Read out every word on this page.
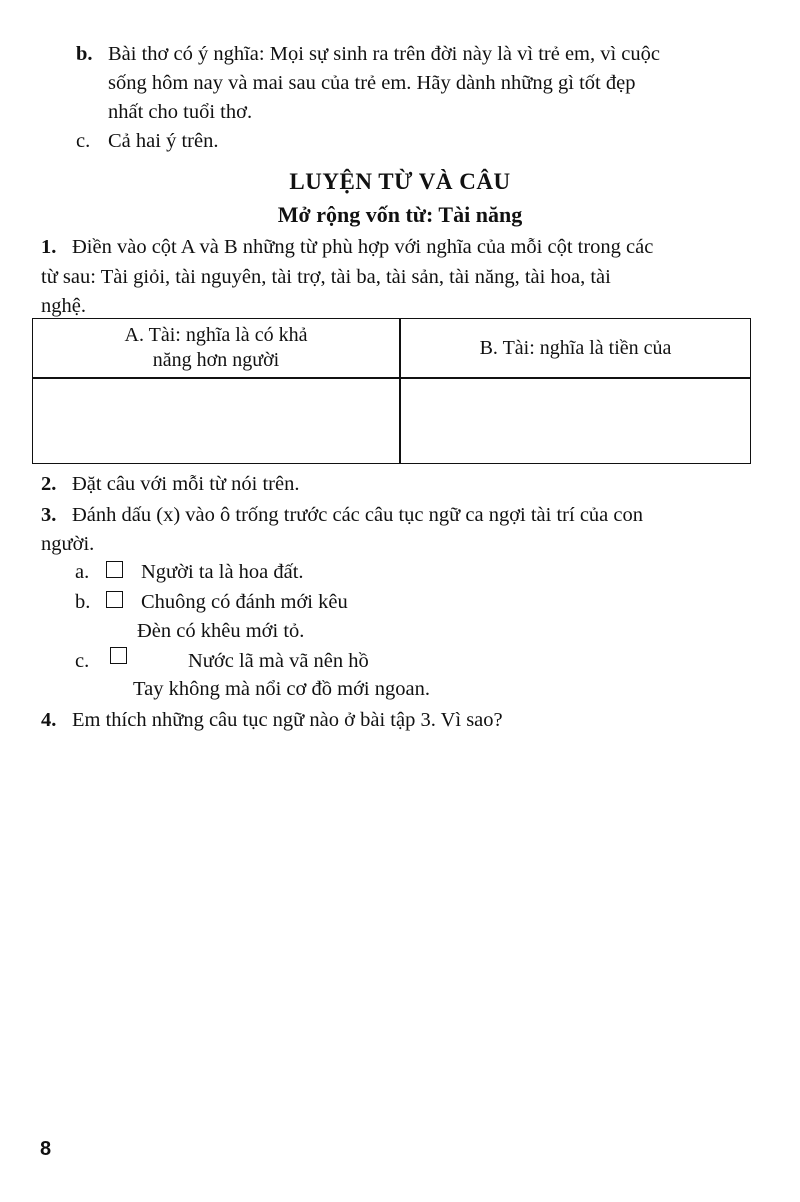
b. Bài thơ có ý nghĩa: Mọi sự sinh ra trên đời này là vì trẻ em, vì cuộc
sống hôm nay và mai sau của trẻ em. Hãy dành những gì tốt đẹp
nhất cho tuổi thơ.
c. Cả hai ý trên.
LUYỆN TỪ VÀ CÂU
Mở rộng vốn từ: Tài năng
1. Điền vào cột A và B những từ phù hợp với nghĩa của mỗi cột trong các
từ sau: Tài giỏi, tài nguyên, tài trợ, tài ba, tài sản, tài năng, tài hoa, tài
nghệ.
A. Tài: nghĩa là có khả năng hơn người
B. Tài: nghĩa là tiền của
2. Đặt câu với mỗi từ nói trên.
3. Đánh dấu (x) vào ô trống trước các câu tục ngữ ca ngợi tài trí của con
người.
a.	Người ta là hoa đất.
b. Chuông có đánh mới kêu
Đèn có khêu mới tỏ.
c.	Nước lã mà vã nên hồ
Tay không mà nổi cơ đồ mới ngoan.
4. Em thích những câu tục ngữ nào ở bài tập 3. Vì sao?
8
